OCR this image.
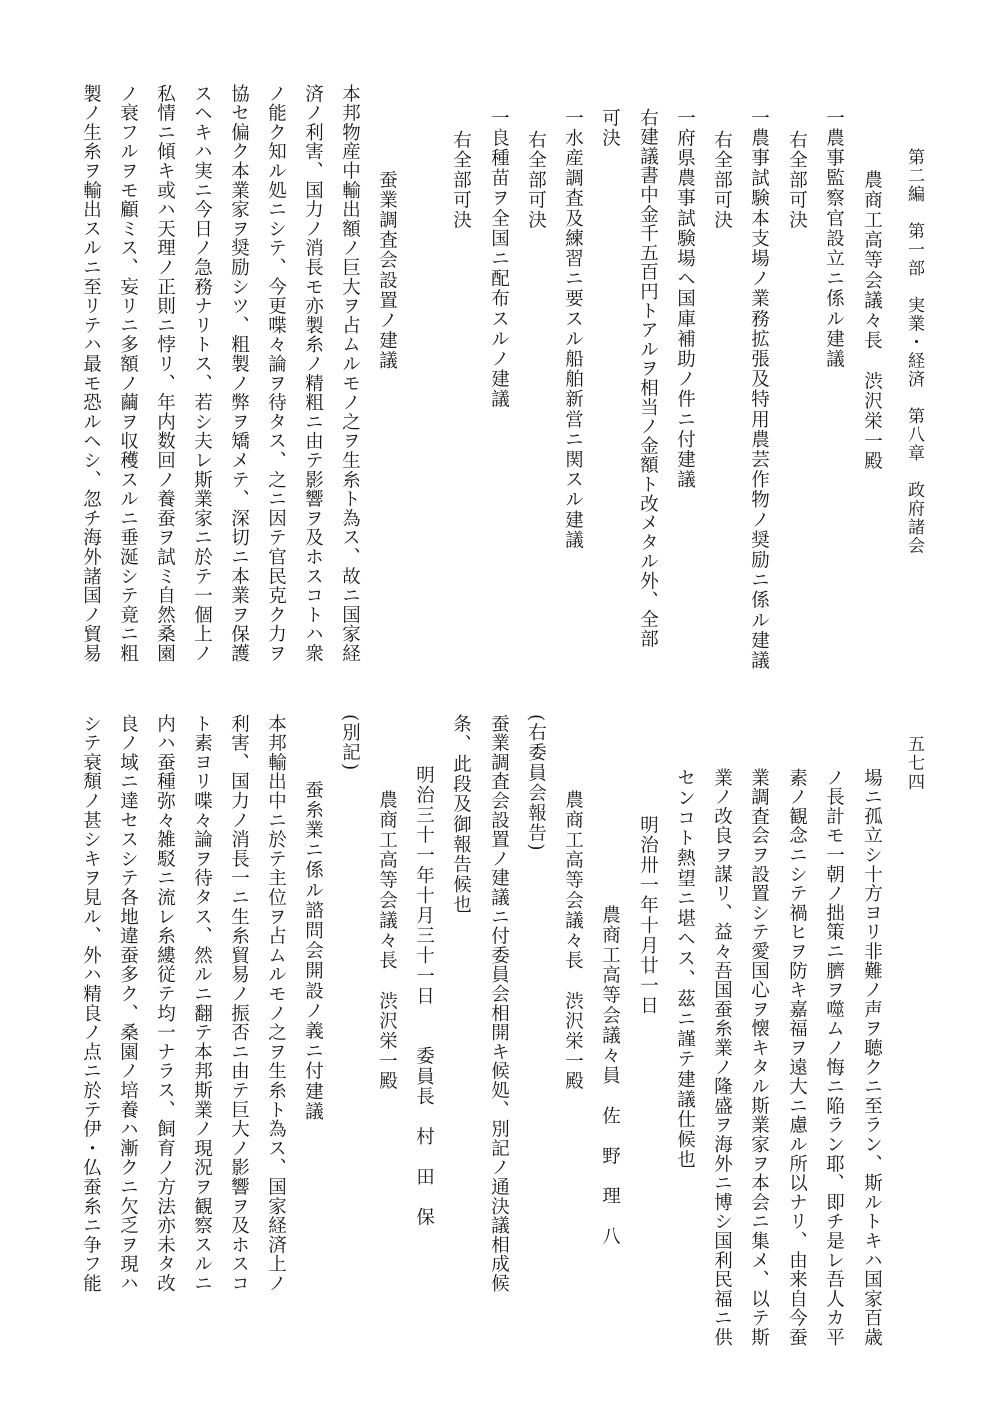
第二編　第一部　実業・経済　第八章　政府諸会
五七四
農商工高等会議々長　渋沢栄一殿
一農事監察官設立ニ係ル建議
右全部可決
一農事試験本支場ノ業務拡張及特用農芸作物ノ奨励ニ係ル建議
右全部可決
一府県農事試験場ヘ国庫補助ノ件ニ付建議
右建議書中金千五百円トアルヲ相当ノ金額ト改メタル外、全部
可決
一水産調査及練習ニ要スル船舶新営ニ関スル建議
右全部可決
一良種苗ヲ全国ニ配布スルノ建議
右全部可決
蚕業調査会設置ノ建議
本邦物産中輸出額ノ巨大ヲ占ムルモノ之ヲ生糸ト為ス、故ニ国家経
済ノ利害、国力ノ消長モ亦製糸ノ精粗ニ由テ影響ヲ及ホスコトハ衆
ノ能ク知ル処ニシテ、今更喋々論ヲ待タス、之ニ因テ官民克ク力ヲ
協セ偏ク本業家ヲ奨励シツ、粗製ノ弊ヲ矯メテ、深切ニ本業ヲ保護
スヘキハ実ニ今日ノ急務ナリトス、若シ夫レ斯業家ニ於テ一個上ノ
私情ニ傾キ或ハ天理ノ正則ニ悖リ、年内数回ノ養蚕ヲ試ミ自然桑園
ノ衰フルヲモ顧ミス、妄リニ多額ノ繭ヲ収穫スルニ垂涎シテ竟ニ粗
製ノ生糸ヲ輸出スルニ至リテハ最モ恐ルヘシ、忽チ海外諸国ノ貿易
場ニ孤立シ十方ヨリ非難ノ声ヲ聴クニ至ラン、斯ルトキハ国家百歳
ノ長計モ一朝ノ拙策ニ臍ヲ噬ムノ悔ニ陥ラン耶、即チ是レ吾人カ平
素ノ観念ニシテ禍ヒヲ防キ嘉福ヲ遠大ニ慮ル所以ナリ、由来自今蚕
業調査会ヲ設置シテ愛国心ヲ懐キタル斯業家ヲ本会ニ集メ、以テ斯
業ノ改良ヲ謀リ、益々吾国蚕糸業ノ隆盛ヲ海外ニ博シ国利民福ニ供
センコト熱望ニ堪ヘス、茲ニ謹テ建議仕候也
明治卅一年十月廿一日
農商工高等会議々員　佐　野　理　八
農商工高等会議々長　渋沢栄一殿
(右委員会報告)
蚕業調査会設置ノ建議ニ付委員会相開キ候処、別記ノ通決議相成候
条、此段及御報告候也
明治三十一年十月三十一日　　委員長　村　田　保
農商工高等会議々長　渋沢栄一殿
(別記)
蚕糸業ニ係ル諮問会開設ノ義ニ付建議
本邦輸出中ニ於テ主位ヲ占ムルモノ之ヲ生糸ト為ス、国家経済上ノ
利害、国力ノ消長一ニ生糸貿易ノ振否ニ由テ巨大ノ影響ヲ及ホスコ
ト素ヨリ喋々論ヲ待タス、然ルニ翻テ本邦斯業ノ現況ヲ観察スルニ
内ハ蚕種弥々雑駁ニ流レ糸縷従テ均一ナラス、飼育ノ方法亦未タ改
良ノ域ニ達セスシテ各地違蚕多ク、桑園ノ培養ハ漸クニ欠乏ヲ現ハ
シテ衰頽ノ甚シキヲ見ル、外ハ精良ノ点ニ於テ伊・仏蚕糸ニ争フ能
